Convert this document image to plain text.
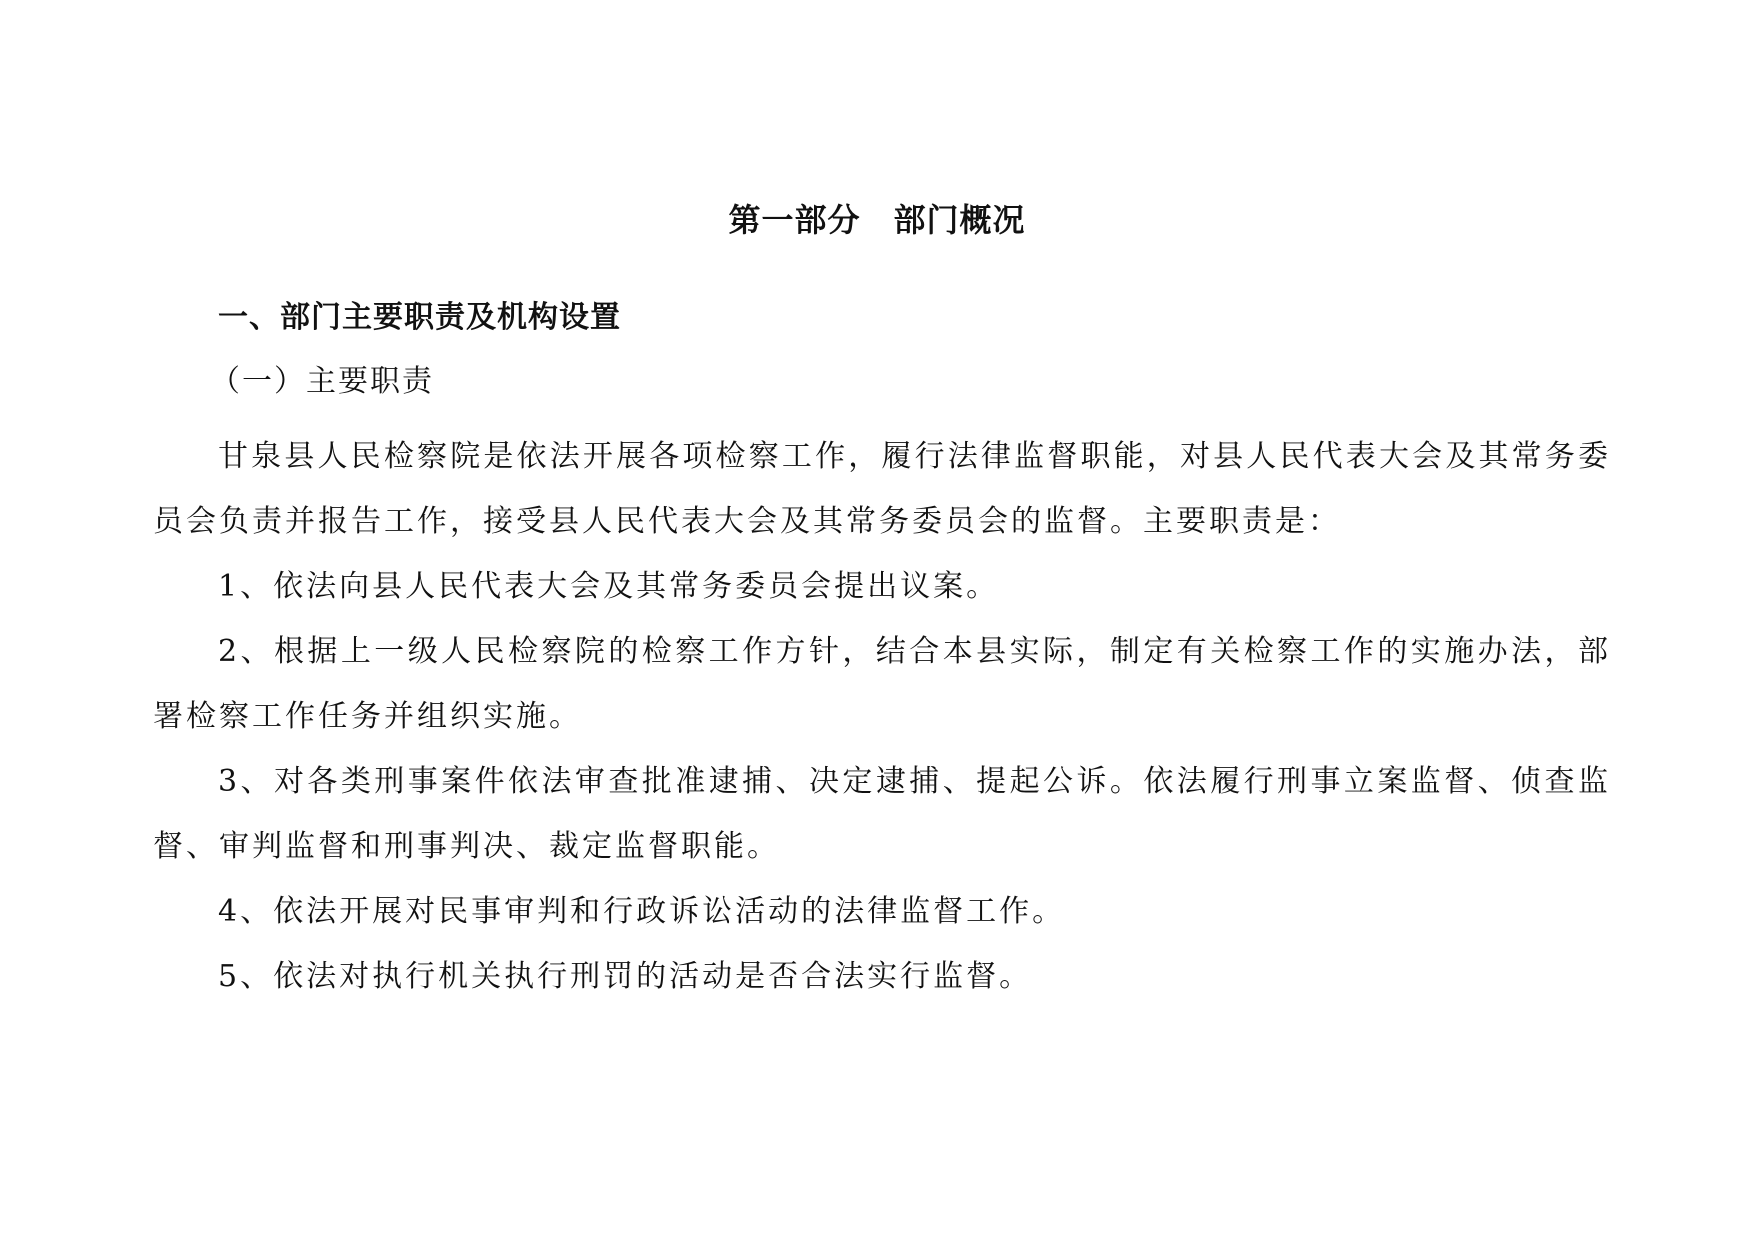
第一部分　部门概况
一、部门主要职责及机构设置
（一）主要职责

甘泉县人民检察院是依法开展各项检察工作，履行法律监督职能，对县人民代表大会及其常务委员会负责并报告工作，接受县人民代表大会及其常务委员会的监督。主要职责是：

1、依法向县人民代表大会及其常务委员会提出议案。

2、根据上一级人民检察院的检察工作方针，结合本县实际，制定有关检察工作的实施办法，部署检察工作任务并组织实施。

3、对各类刑事案件依法审查批准逮捕、决定逮捕、提起公诉。依法履行刑事立案监督、侦查监督、审判监督和刑事判决、裁定监督职能。

4、依法开展对民事审判和行政诉讼活动的法律监督工作。

5、依法对执行机关执行刑罚的活动是否合法实行监督。
